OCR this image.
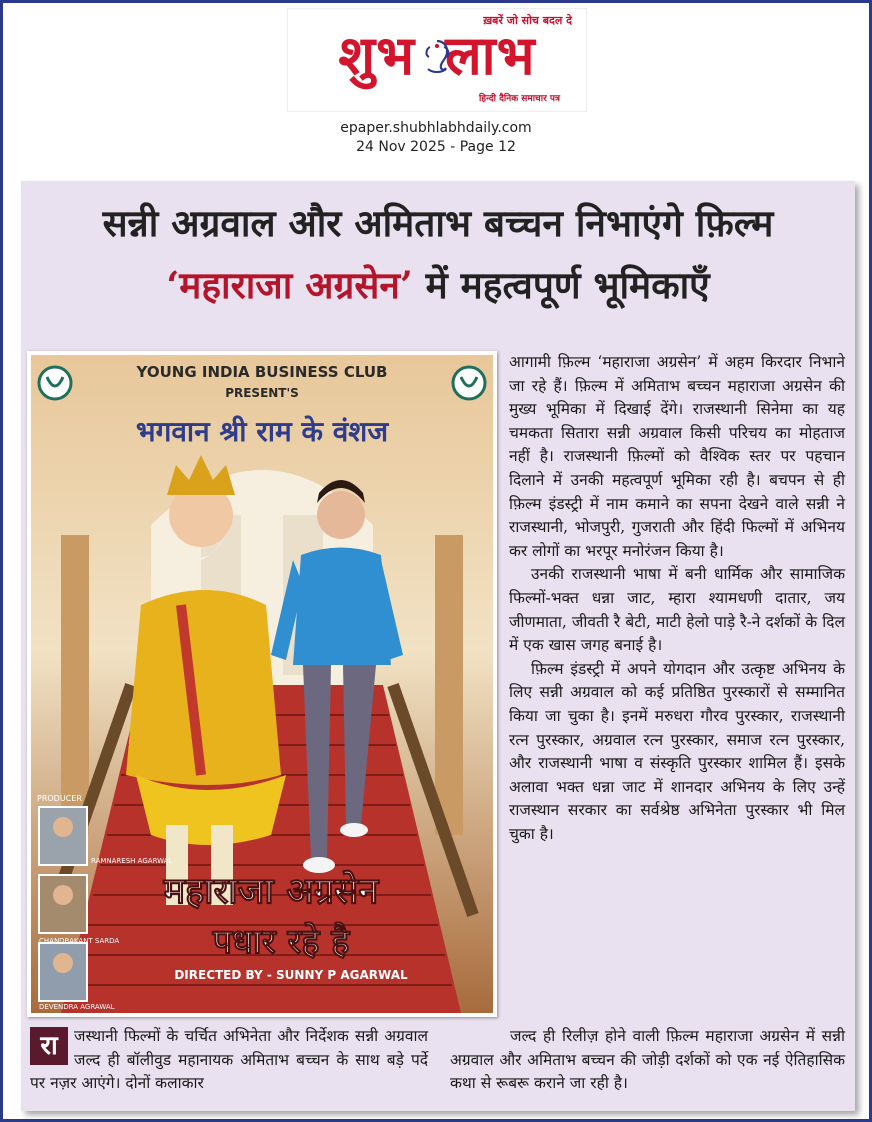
ख़बरें जो सोच बदल दे
शुभ लाभ
हिन्दी दैनिक समाचार पत्र
epaper.shubhlabhdaily.com
24 Nov 2025 - Page 12
सन्नी अग्रवाल और अमिताभ बच्चन निभाएंगे फ़िल्म
‘महाराजा अग्रसेन’ में महत्वपूर्ण भूमिकाएँ
YOUNG INDIA BUSINESS CLUB
PRESENT'S
भगवान श्री राम के वंशज
महाराजा अग्रसेन
पधार रहे है
DIRECTED BY - SUNNY P AGARWAL
PRODUCER
RAMNARESH AGARWAL
CHANDRAKANT SARDA
DEVENDRA AGRAWAL
रा	जस्थानी फिल्मों के चर्चित अभिनेता और निर्देशक सन्नी अग्रवाल जल्द ही बॉलीवुड महानायक अमिताभ बच्चन के साथ बड़े पर्दे पर नज़र आएंगे। दोनों कलाकार

आगामी फ़िल्म ‘महाराजा अग्रसेन’ में अहम किरदार निभाने जा रहे हैं। फ़िल्म में अमिताभ बच्चन महाराजा अग्रसेन की मुख्य भूमिका में दिखाई देंगे। राजस्थानी सिनेमा का यह चमकता सितारा सन्नी अग्रवाल किसी परिचय का मोहताज नहीं है। राजस्थानी फ़िल्मों को वैश्विक स्तर पर पहचान दिलाने में उनकी महत्वपूर्ण भूमिका रही है। बचपन से ही फ़िल्म इंडस्ट्री में नाम कमाने का सपना देखने वाले सन्नी ने राजस्थानी, भोजपुरी, गुजराती और हिंदी फिल्मों में अभिनय कर लोगों का भरपूर मनोरंजन किया है।

उनकी राजस्थानी भाषा में बनी धार्मिक और सामाजिक फिल्मों-भक्त धन्ना जाट, म्हारा श्यामधणी दातार, जय जीणमाता, जीवती रै बेटी, माटी हेलो पाड़े रै-ने दर्शकों के दिल में एक खास जगह बनाई है।

फ़िल्म इंडस्ट्री में अपने योगदान और उत्कृष्ट अभिनय के लिए सन्नी अग्रवाल को कई प्रतिष्ठित पुरस्कारों से सम्मानित किया जा चुका है। इनमें मरुधरा गौरव पुरस्कार, राजस्थानी रत्न पुरस्कार, अग्रवाल रत्न पुरस्कार, समाज रत्न पुरस्कार, और राजस्थानी भाषा व संस्कृति पुरस्कार शामिल हैं। इसके अलावा भक्त धन्ना जाट में शानदार अभिनय के लिए उन्हें राजस्थान सरकार का सर्वश्रेष्ठ अभिनेता पुरस्कार भी मिल चुका है।

जल्द ही रिलीज़ होने वाली फ़िल्म महाराजा अग्रसेन में सन्नी अग्रवाल और अमिताभ बच्चन की जोड़ी दर्शकों को एक नई ऐतिहासिक कथा से रूबरू कराने जा रही है।
